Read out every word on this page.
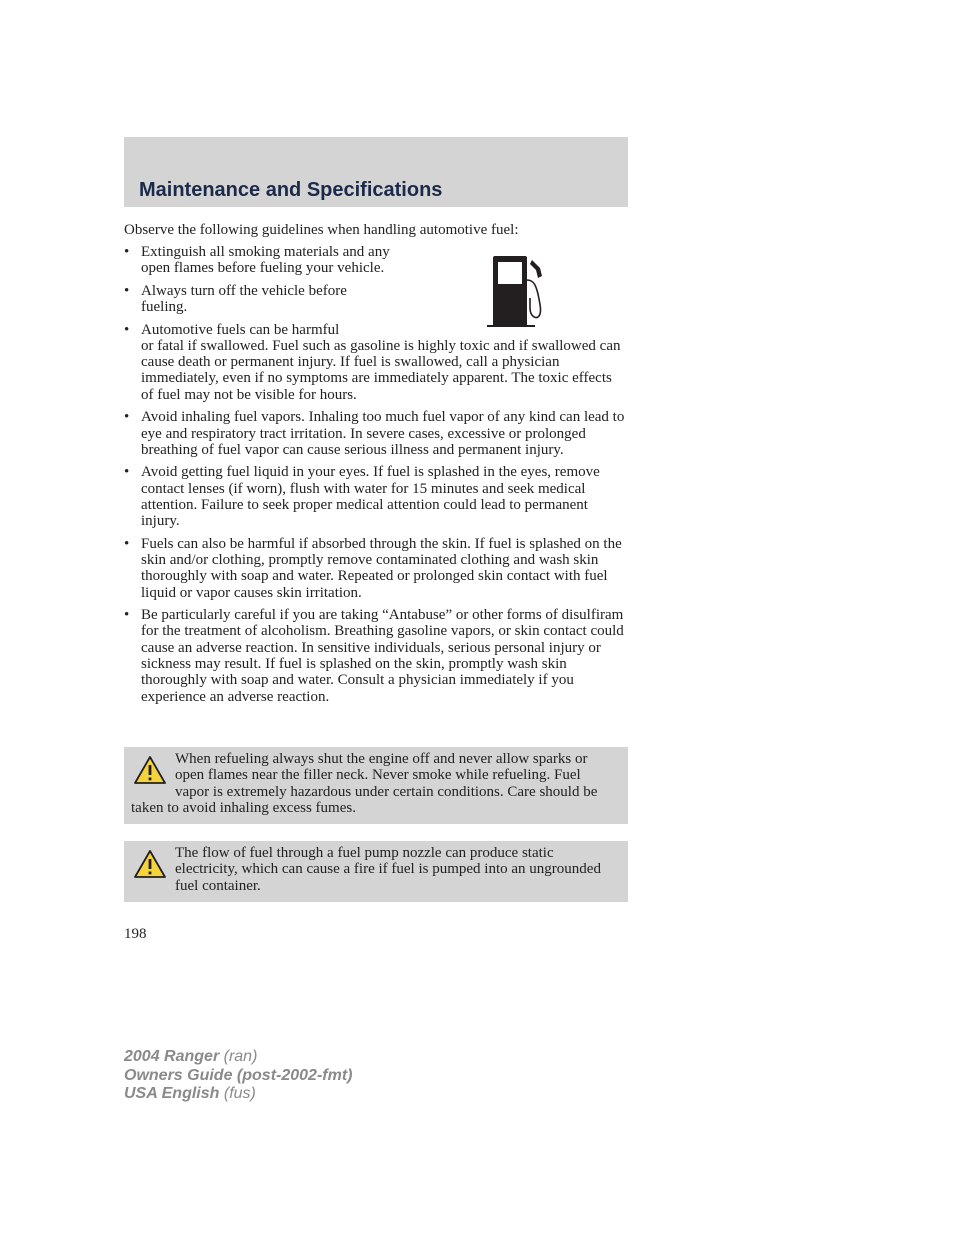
Maintenance and Specifications
Observe the following guidelines when handling automotive fuel:
• Extinguish all smoking materials and any open flames before fueling your vehicle.
• Always turn off the vehicle before fueling.
• Automotive fuels can be harmful
or fatal if swallowed. Fuel such as gasoline is highly toxic and if swallowed can cause death or permanent injury. If fuel is swallowed, call a physician immediately, even if no symptoms are immediately apparent. The toxic effects of fuel may not be visible for hours.
• Avoid inhaling fuel vapors. Inhaling too much fuel vapor of any kind can lead to eye and respiratory tract irritation. In severe cases, excessive or prolonged breathing of fuel vapor can cause serious illness and permanent injury.
• Avoid getting fuel liquid in your eyes. If fuel is splashed in the eyes, remove contact lenses (if worn), flush with water for 15 minutes and seek medical attention. Failure to seek proper medical attention could lead to permanent injury.
• Fuels can also be harmful if absorbed through the skin. If fuel is splashed on the skin and/or clothing, promptly remove contaminated clothing and wash skin thoroughly with soap and water. Repeated or prolonged skin contact with fuel liquid or vapor causes skin irritation.
• Be particularly careful if you are taking “Antabuse” or other forms of disulfiram for the treatment of alcoholism. Breathing gasoline vapors, or skin contact could cause an adverse reaction. In sensitive individuals, serious personal injury or sickness may result. If fuel is splashed on the skin, promptly wash skin thoroughly with soap and water. Consult a physician immediately if you experience an adverse reaction.
When refueling always shut the engine off and never allow sparks or open flames near the filler neck. Never smoke while refueling. Fuel vapor is extremely hazardous under certain conditions. Care should be taken to avoid inhaling excess fumes.
The flow of fuel through a fuel pump nozzle can produce static electricity, which can cause a fire if fuel is pumped into an ungrounded fuel container.
198
2004 Ranger (ran)
Owners Guide (post-2002-fmt)
USA English (fus)
